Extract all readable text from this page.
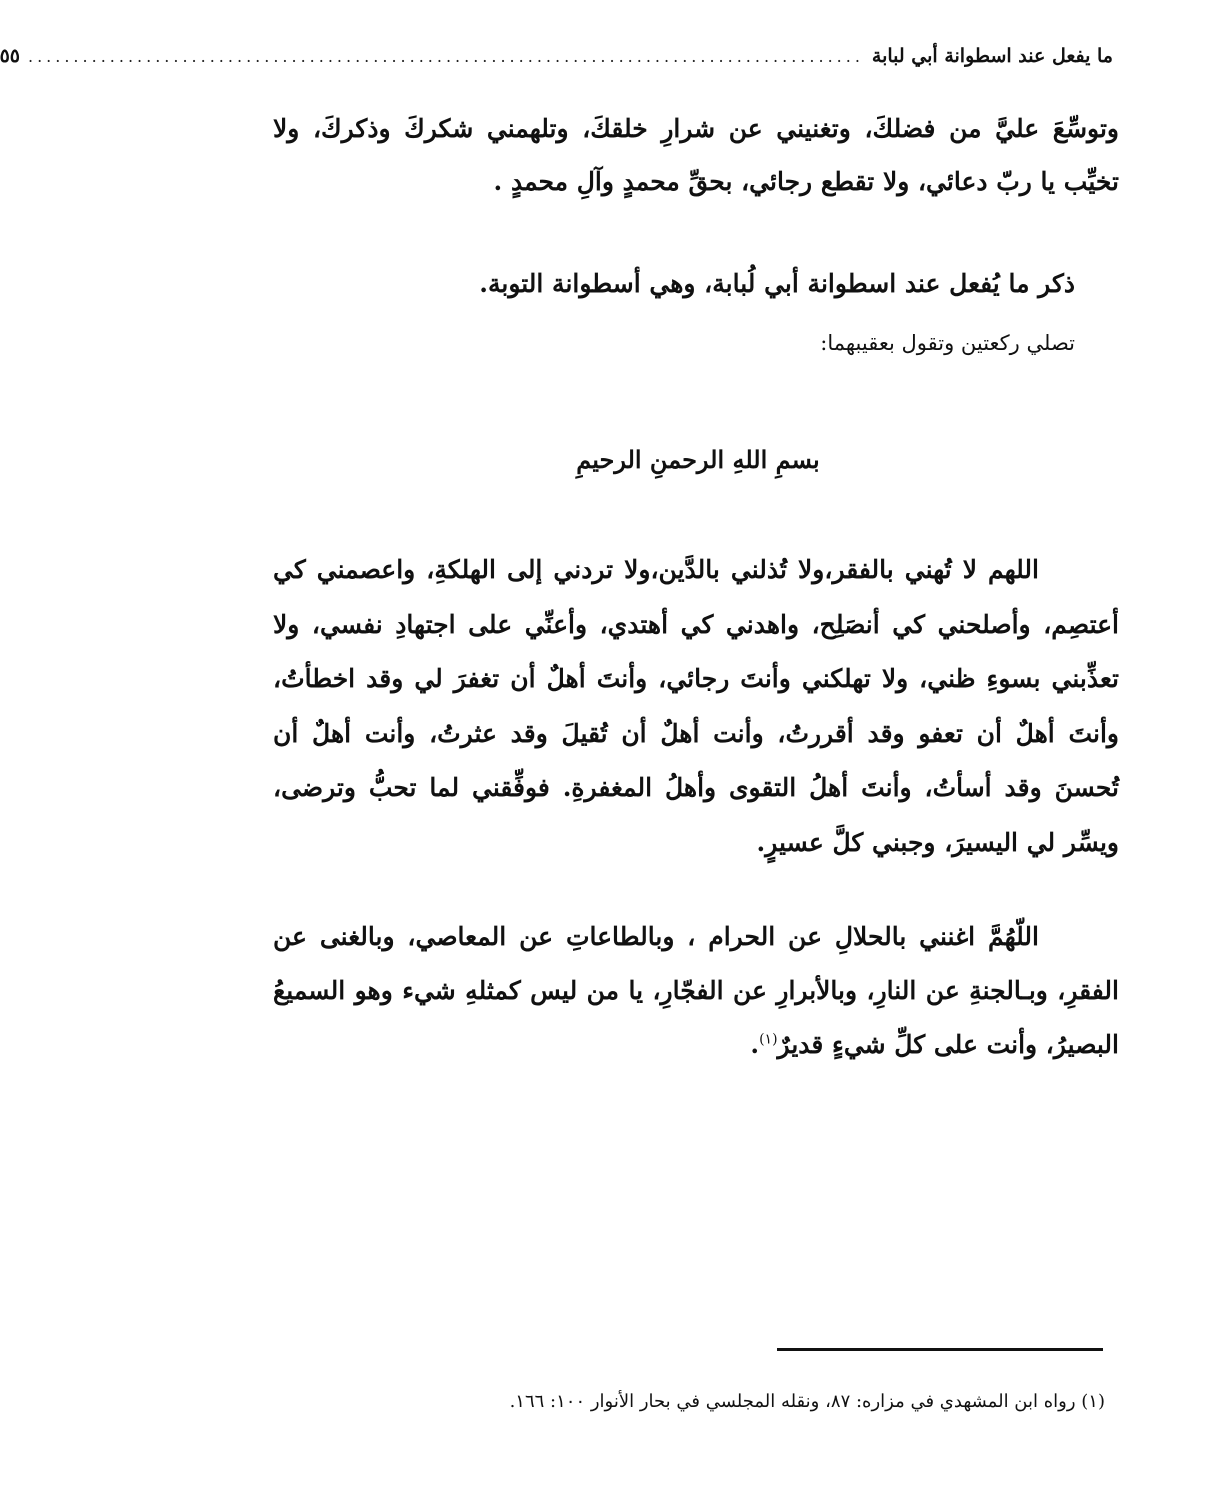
ما يفعل عند اسطوانة أبي لبابة
............................................................................................
٥٥
وتوسِّعَ عليَّ من فضلكَ، وتغنيني عن شرارِ خلقكَ، وتلهمني شكركَ وذكركَ، ولا تخيِّب يا ربّ دعائي، ولا تقطع رجائي، بحقِّ محمدٍ وآلِ محمدٍ .
ذكر ما يُفعل عند اسطوانة أبي لُبابة، وهي أسطوانة التوبة.
تصلي ركعتين وتقول بعقيبهما:
بسمِ اللهِ الرحمنِ الرحيمِ
اللهم لا تُهني بالفقر،ولا تُذلني بالدَّين،ولا تردني إلى الهلكةِ، واعصمني كي أعتصِم، وأصلحني كي أنصَلِح، واهدني كي أهتدي، وأعنِّي على اجتهادِ نفسي، ولا تعذِّبني بسوءِ ظني، ولا تهلكني وأنتَ رجائي، وأنتَ أهلٌ أن تغفرَ لي وقد اخطأتُ، وأنتَ أهلٌ أن تعفو وقد أقررتُ، وأنت أهلٌ أن تُقيلَ وقد عثرتُ، وأنت أهلٌ أن تُحسنَ وقد أسأتُ، وأنتَ أهلُ التقوى وأهلُ المغفرةِ. فوفِّقني لما تحبُّ وترضى، ويسِّر لي اليسيرَ، وجبني كلَّ عسيرٍ.
اللّهُمَّ اغنني بالحلالِ عن الحرام ، وبالطاعاتِ عن المعاصي، وبالغنى عن الفقرِ، وبـالجنةِ عن النارِ، وبالأبرارِ عن الفجّارِ، يا من ليس كمثلهِ شيء وهو السميعُ البصيرُ، وأنت على كلِّ شيءٍ قديرٌ$^{(١)}$.
(١) رواه ابن المشهدي في مزاره: ٨٧، ونقله المجلسي في بحار الأنوار ١٠٠: ١٦٦.
